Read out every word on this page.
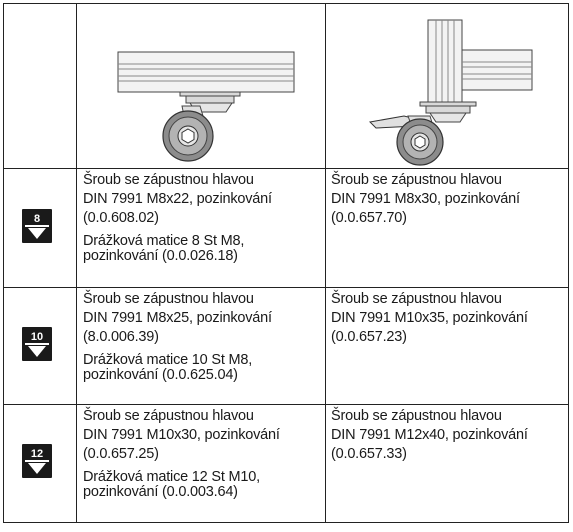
8

Šroub se zápustnou hlavou

DIN 7991 M8x22, pozinkování

(0.0.608.02)

Drážková matice 8 St M8,

pozinkování (0.0.026.18)

Šroub se zápustnou hlavou

DIN 7991 M8x30, pozinkování

(0.0.657.70)

10

Šroub se zápustnou hlavou

DIN 7991 M8x25, pozinkování

(8.0.006.39)

Drážková matice 10 St M8,

pozinkování (0.0.625.04)

Šroub se zápustnou hlavou

DIN 7991 M10x35, pozinkování

(0.0.657.23)

12

Šroub se zápustnou hlavou

DIN 7991 M10x30, pozinkování

(0.0.657.25)

Drážková matice 12 St M10,

pozinkování (0.0.003.64)

Šroub se zápustnou hlavou

DIN 7991 M12x40, pozinkování

(0.0.657.33)
